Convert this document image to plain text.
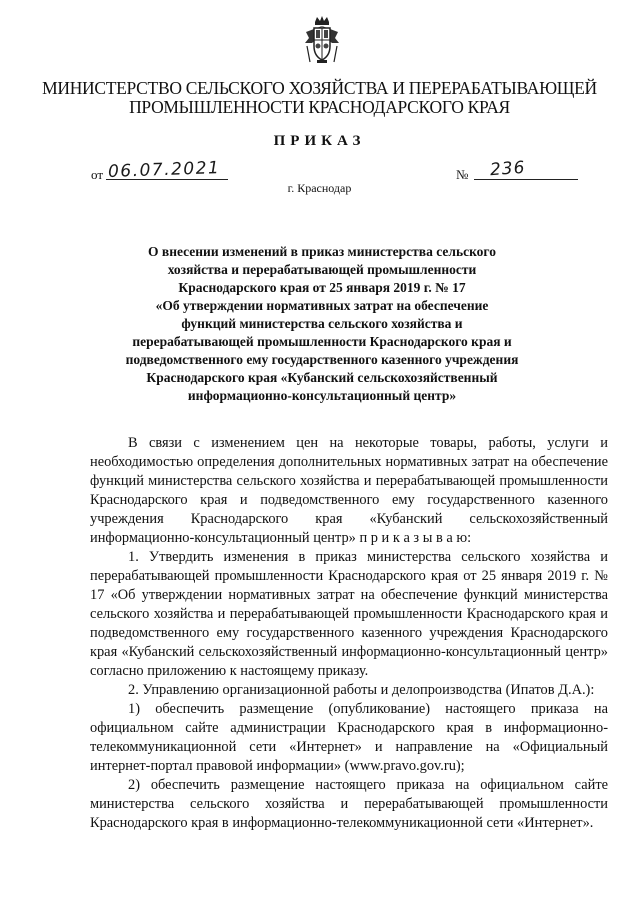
МИНИСТЕРСТВО СЕЛЬСКОГО ХОЗЯЙСТВА И ПЕРЕРАБАТЫВАЮЩЕЙ
ПРОМЫШЛЕННОСТИ КРАСНОДАРСКОГО КРАЯ
ПРИКАЗ
от 06.07.2021	№ 236
г. Краснодар
О внесении изменений в приказ министерства сельского
хозяйства и перерабатывающей промышленности
Краснодарского края от 25 января 2019 г. № 17
«Об утверждении нормативных затрат на обеспечение
функций министерства сельского хозяйства и
перерабатывающей промышленности Краснодарского края и
подведомственного ему государственного казенного учреждения
Краснодарского края «Кубанский сельскохозяйственный
информационно-консультационный центр»

В связи с изменением цен на некоторые товары, работы, услуги и необходимостью определения дополнительных нормативных затрат на обеспечение функций министерства сельского хозяйства и перерабатывающей промышленности Краснодарского края и подведомственного ему государственного казенного учреждения Краснодарского края «Кубанский сельскохозяйственный информационно-консультационный центр» п р и к а з ы в а ю:

1. Утвердить изменения в приказ министерства сельского хозяйства и перерабатывающей промышленности Краснодарского края от 25 января 2019 г. № 17 «Об утверждении нормативных затрат на обеспечение функций министерства сельского хозяйства и перерабатывающей промышленности Краснодарского края и подведомственного ему государственного казенного учреждения Краснодарского края «Кубанский сельскохозяйственный информационно-консультационный центр» согласно приложению к настоящему приказу.

2. Управлению организационной работы и делопроизводства (Ипатов Д.А.):

1) обеспечить размещение (опубликование) настоящего приказа на официальном сайте администрации Краснодарского края в информационно-телекоммуникационной сети «Интернет» и направление на «Официальный интернет-портал правовой информации» (www.pravo.gov.ru);

2) обеспечить размещение настоящего приказа на официальном сайте министерства сельского хозяйства и перерабатывающей промышленности Краснодарского края в информационно-телекоммуникационной сети «Интернет».
